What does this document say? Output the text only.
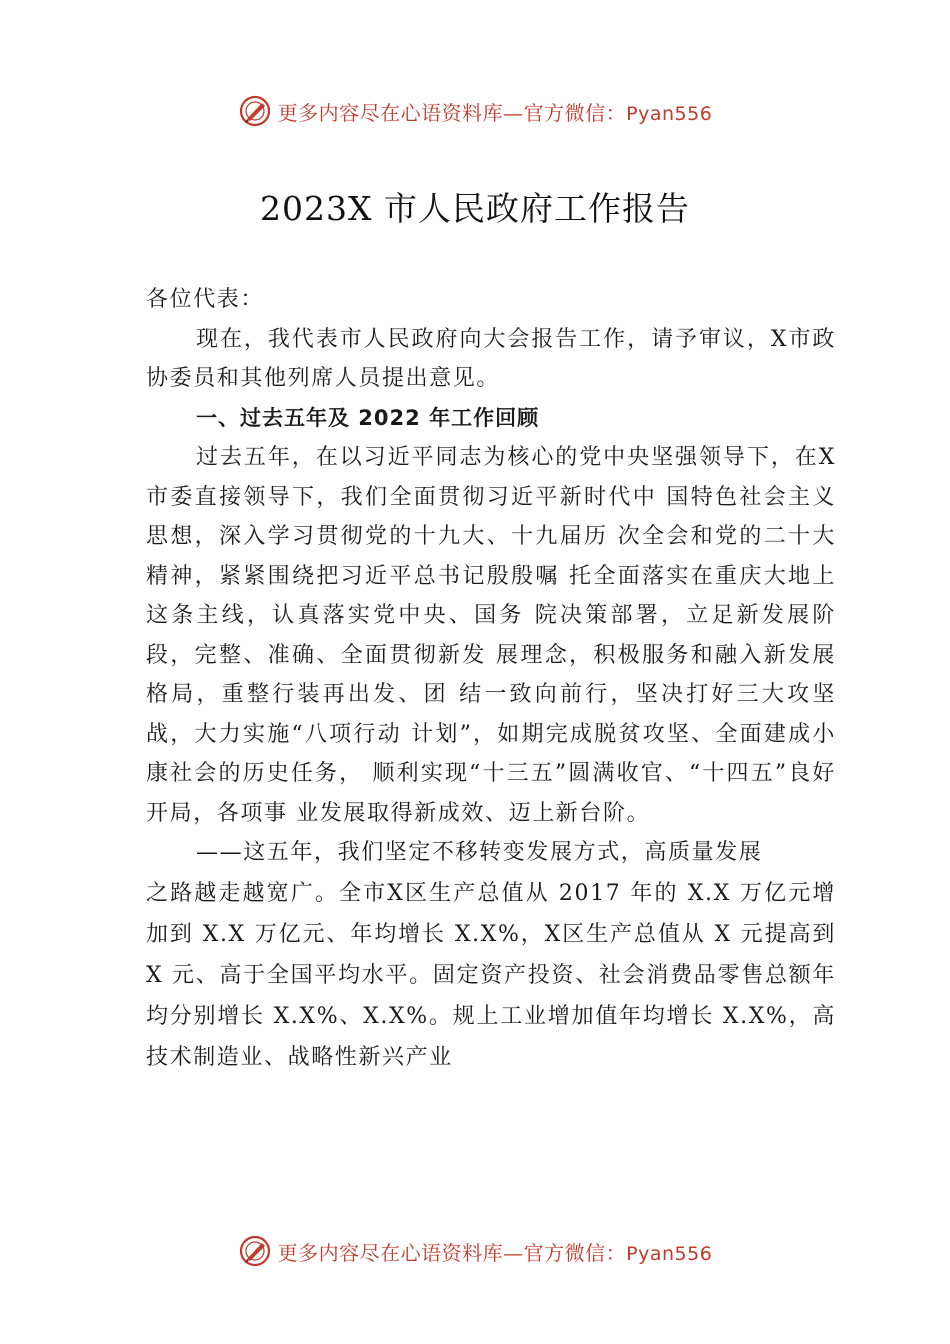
更多内容尽在心语资料库—官方微信：Pyan556
2023X 市人民政府工作报告

各位代表：

现在，我代表市人民政府向大会报告工作，请予审议，X市政协委员和其他列席人员提出意见。

一、过去五年及 2022 年工作回顾

过去五年，在以习近平同志为核心的党中央坚强领导下，在X市委直接领导下，我们全面贯彻习近平新时代中 国特色社会主义思想，深入学习贯彻党的十九大、十九届历 次全会和党的二十大精神，紧紧围绕把习近平总书记殷殷嘱 托全面落实在重庆大地上这条主线，认真落实党中央、国务 院决策部署，立足新发展阶段，完整、准确、全面贯彻新发 展理念，积极服务和融入新发展格局，重整行装再出发、团 结一致向前行，坚决打好三大攻坚战，大力实施“八项行动 计划”，如期完成脱贫攻坚、全面建成小康社会的历史任务， 顺利实现“十三五”圆满收官、“十四五”良好开局，各项事 业发展取得新成效、迈上新台阶。

——这五年，我们坚定不移转变发展方式，高质量发展

之路越走越宽广。全市X区生产总值从 2017 年的 X.X 万亿元增加到 X.X 万亿元、年均增长 X.X%，X区生产总值从 X 元提高到 X 元、高于全国平均水平。固定资产投资、社会消费品零售总额年均分别增长 X.X%、X.X%。规上工业增加值年均增长 X.X%，高技术制造业、战略性新兴产业

更多内容尽在心语资料库—官方微信：Pyan556
